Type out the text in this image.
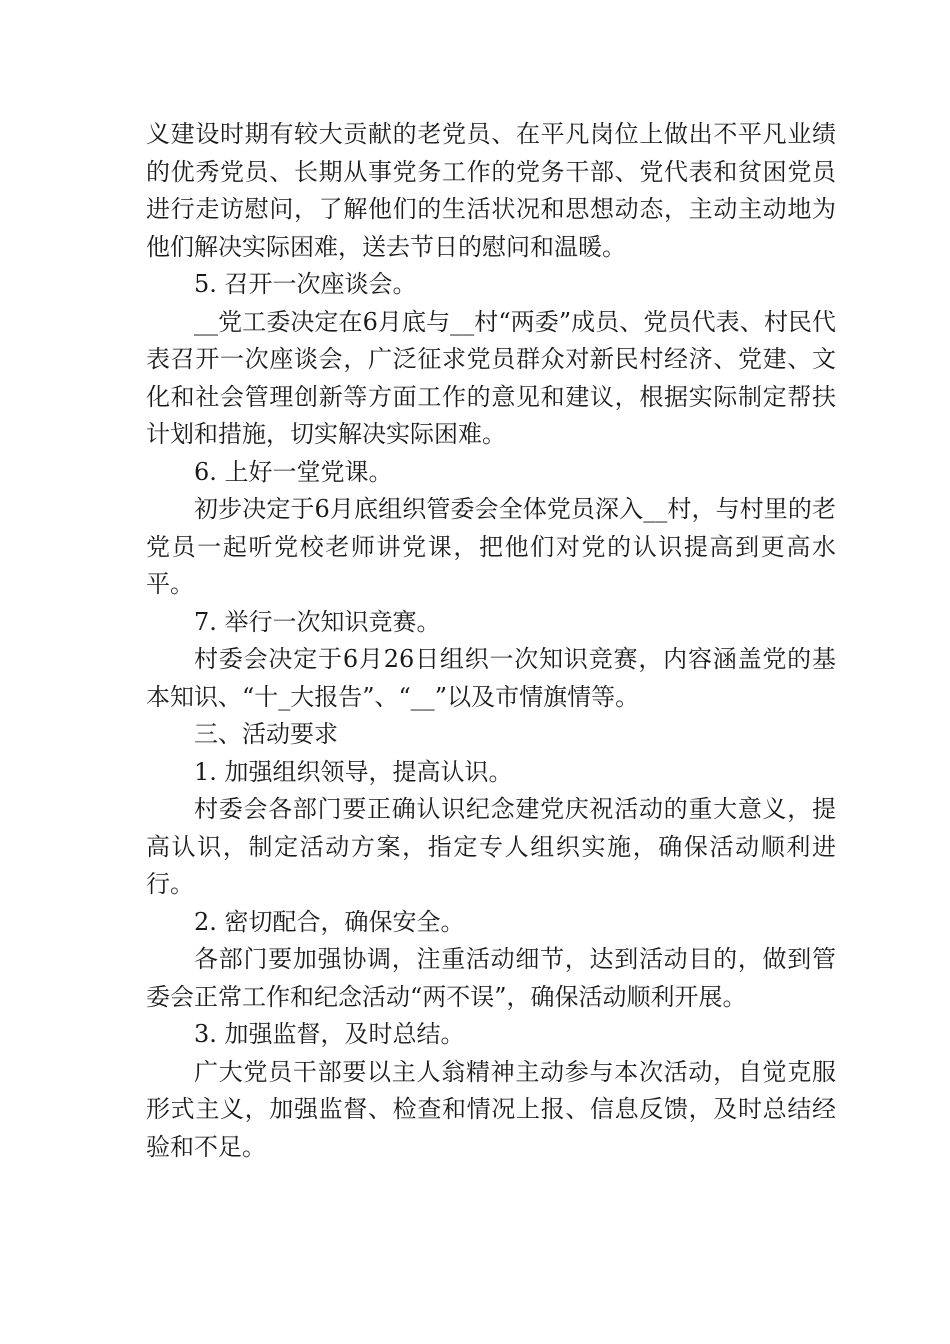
义建设时期有较大贡献的老党员、在平凡岗位上做出不平凡业绩的优秀党员、长期从事党务工作的党务干部、党代表和贫困党员进行走访慰问，了解他们的生活状况和思想动态，主动主动地为他们解决实际困难，送去节日的慰问和温暖。

5. 召开一次座谈会。

__党工委决定在6月底与__村“两委”成员、党员代表、村民代表召开一次座谈会，广泛征求党员群众对新民村经济、党建、文化和社会管理创新等方面工作的意见和建议，根据实际制定帮扶计划和措施，切实解决实际困难。

6. 上好一堂党课。

初步决定于6月底组织管委会全体党员深入__村，与村里的老党员一起听党校老师讲党课，把他们对党的认识提高到更高水平。

7. 举行一次知识竞赛。

村委会决定于6月26日组织一次知识竞赛，内容涵盖党的基本知识、“十_大报告”、“__”以及市情旗情等。

三、活动要求

1. 加强组织领导，提高认识。

村委会各部门要正确认识纪念建党庆祝活动的重大意义，提高认识，制定活动方案，指定专人组织实施，确保活动顺利进行。

2. 密切配合，确保安全。

各部门要加强协调，注重活动细节，达到活动目的，做到管委会正常工作和纪念活动“两不误”，确保活动顺利开展。

3. 加强监督，及时总结。

广大党员干部要以主人翁精神主动参与本次活动，自觉克服形式主义，加强监督、检查和情况上报、信息反馈，及时总结经验和不足。
